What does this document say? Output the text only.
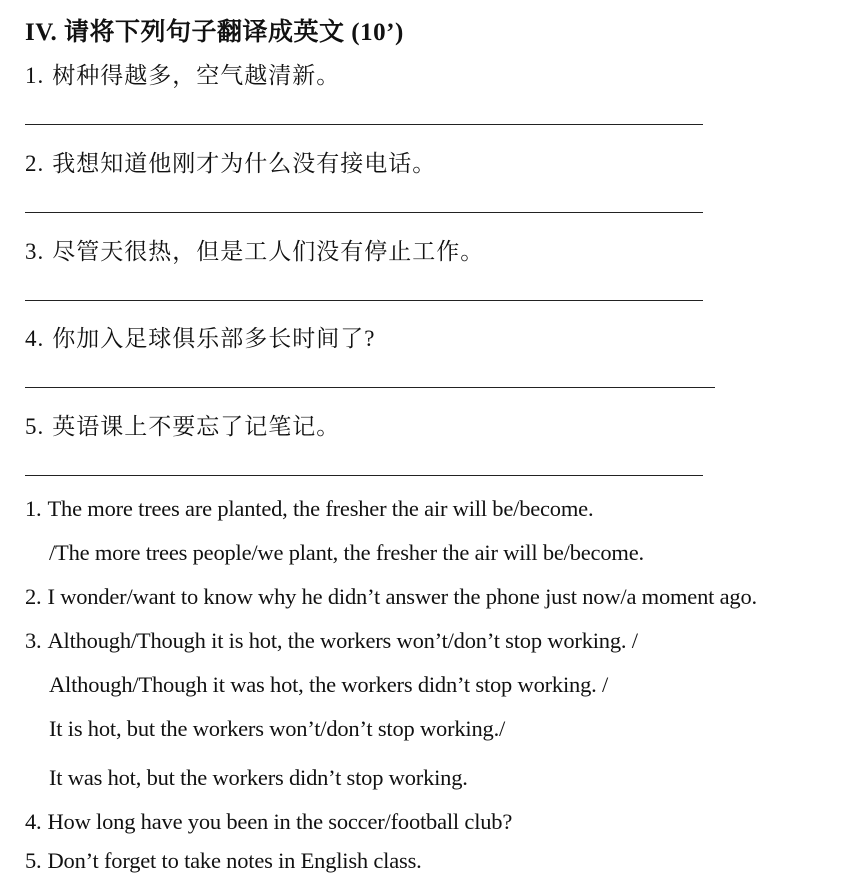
IV. 请将下列句子翻译成英文 (10’)
1. 树种得越多，空气越清新。
2. 我想知道他刚才为什么没有接电话。
3. 尽管天很热，但是工人们没有停止工作。
4. 你加入足球俱乐部多长时间了?
5. 英语课上不要忘了记笔记。
1. The more trees are planted, the fresher the air will be/become.
/The more trees people/we plant, the fresher the air will be/become.
2. I wonder/want to know why he didn’t answer the phone just now/a moment ago.
3. Although/Though it is hot, the workers won’t/don’t stop working. /
Although/Though it was hot, the workers didn’t stop working. /
It is hot, but the workers won’t/don’t stop working./
It was hot, but the workers didn’t stop working.
4. How long have you been in the soccer/football club?
5. Don’t forget to take notes in English class.
